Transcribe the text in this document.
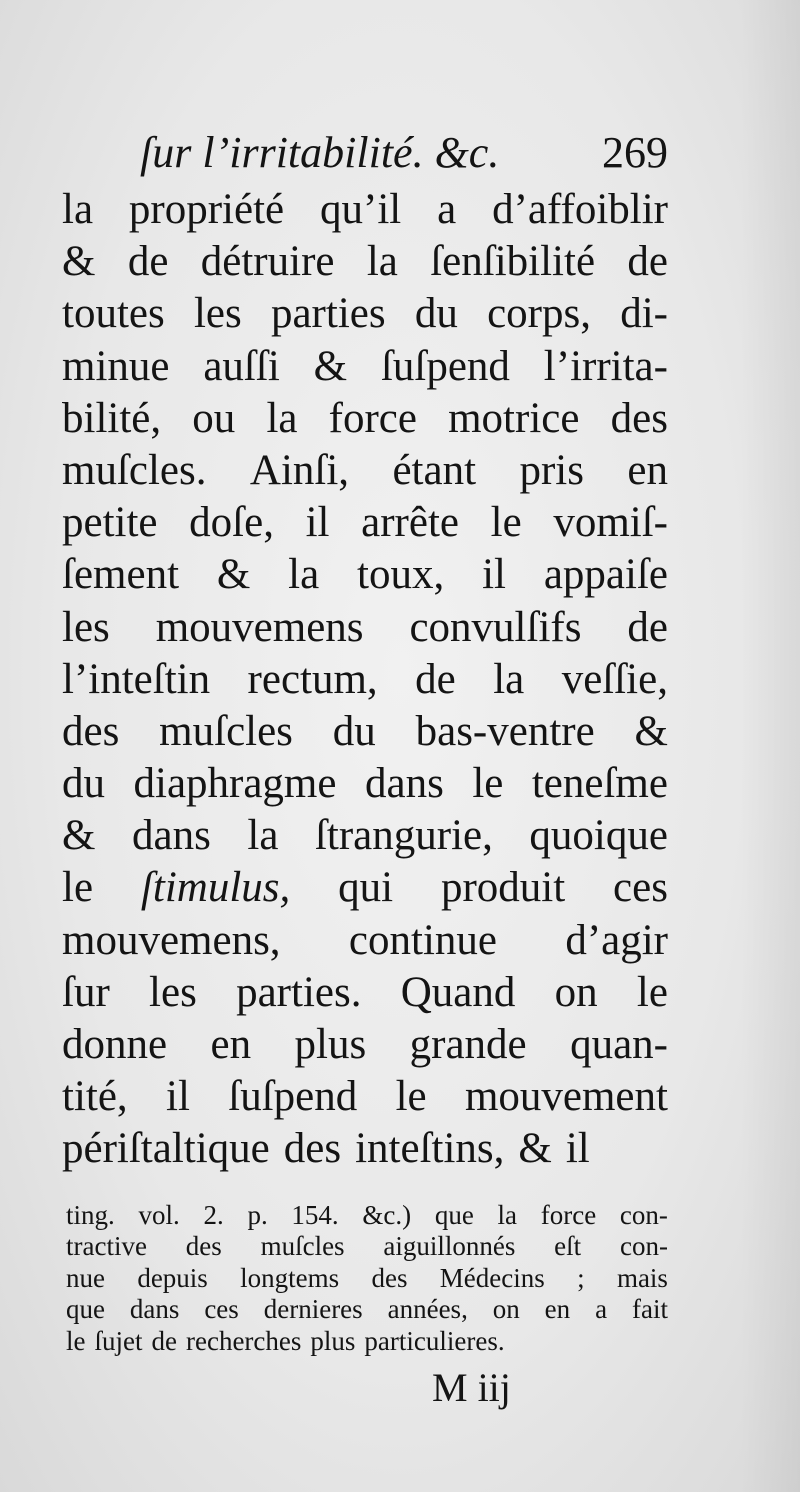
ſur l’irritabilité. &c. 269
la propriété qu’il a d’affoiblir
& de détruire la ſenſibilité de
toutes les parties du corps, di-
minue auſſi & ſuſpend l’irrita-
bilité, ou la force motrice des
muſcles. Ainſi, étant pris en
petite doſe, il arrête le vomiſ-
ſement & la toux, il appaiſe
les mouvemens convulſifs de
l’inteſtin rectum, de la veſſie,
des muſcles du bas-ventre &
du diaphragme dans le teneſme
& dans la ſtrangurie, quoique
le ſtimulus, qui produit ces
mouvemens, continue d’agir
ſur les parties. Quand on le
donne en plus grande quan-
tité, il ſuſpend le mouvement
périſtaltique des inteſtins, & il
ting. vol. 2. p. 154. &c.) que la force con-
tractive des muſcles aiguillonnés eſt con-
nue depuis longtems des Médecins ; mais
que dans ces dernieres années, on en a fait
le ſujet de recherches plus particulieres.
M iij
